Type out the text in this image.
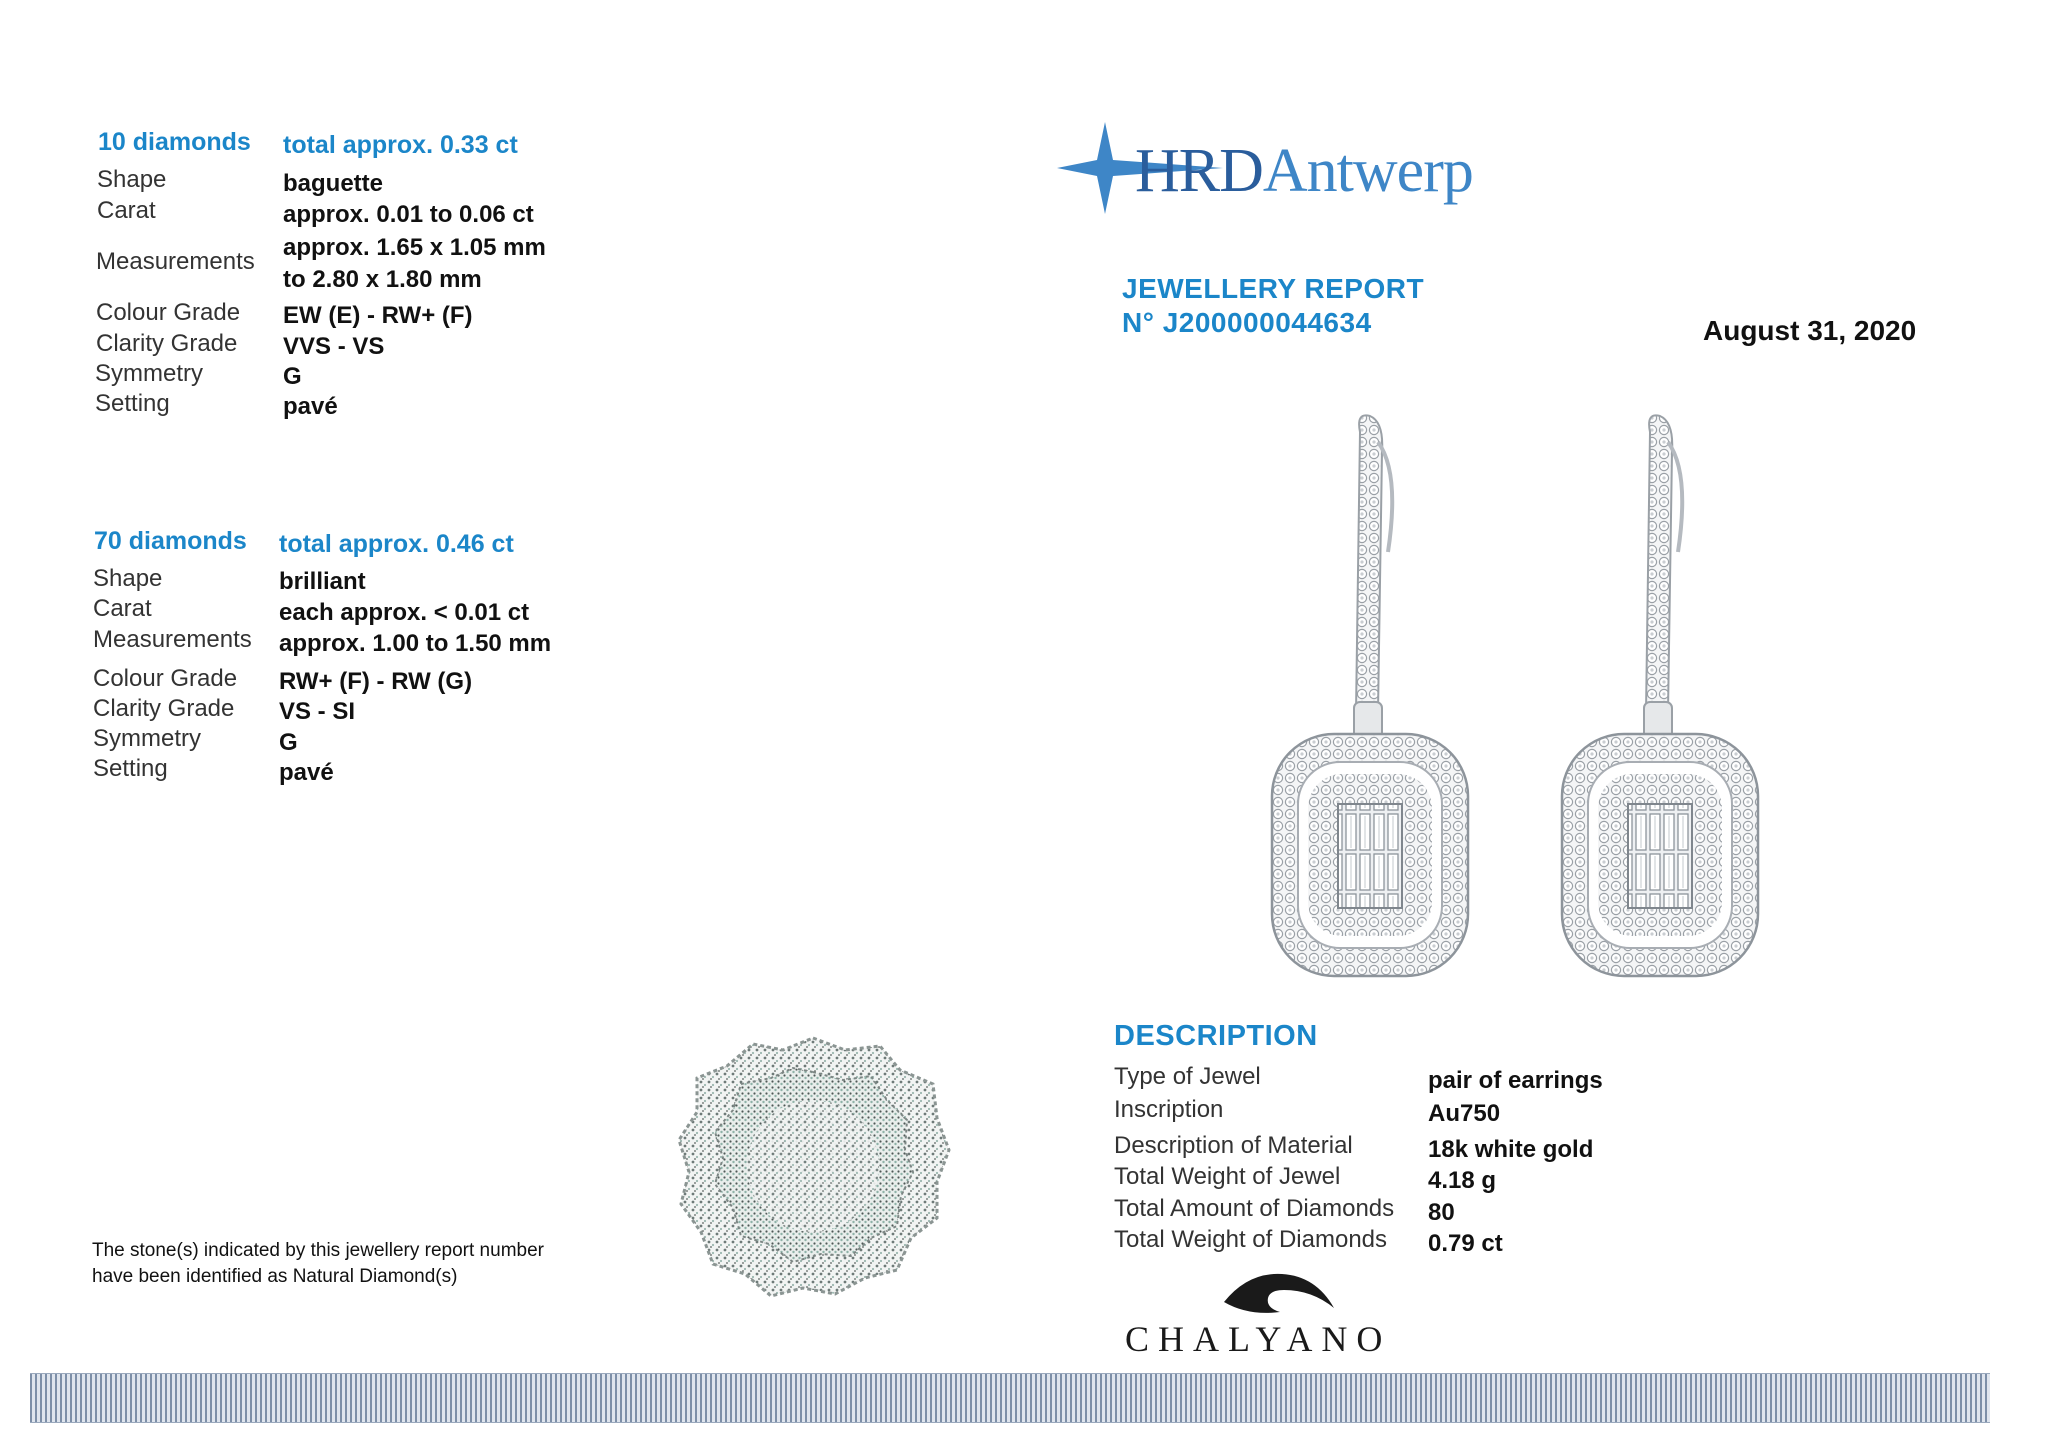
10 diamonds total approx. 0.33 ct
Shape	baguette
Carat	approx. 0.01 to 0.06 ct
Measurements
approx. 1.65 x 1.05 mm
to 2.80 x 1.80 mm
Colour Grade EW (E) - RW+ (F)
Clarity Grade VVS - VS
Symmetry	G
Setting	pavé
70 diamonds total approx. 0.46 ct
Shape	brilliant
Carat	each approx. < 0.01 ct
Measurements approx. 1.00 to 1.50 mm
Colour Grade RW+ (F) - RW (G)
Clarity Grade VS - SI
Symmetry	G
Setting	pavé
The stone(s) indicated by this jewellery report number
have been identified as Natural Diamond(s)
HRDAntwerp
JEWELLERY REPORT
N° J200000044634	August 31, 2020
DESCRIPTION
Type of Jewel	pair of earrings
Inscription	Au750
Description of Material	18k white gold
Total Weight of Jewel	4.18 g
Total Amount of Diamonds 80
Total Weight of Diamonds 0.79 ct
CHALYANO
